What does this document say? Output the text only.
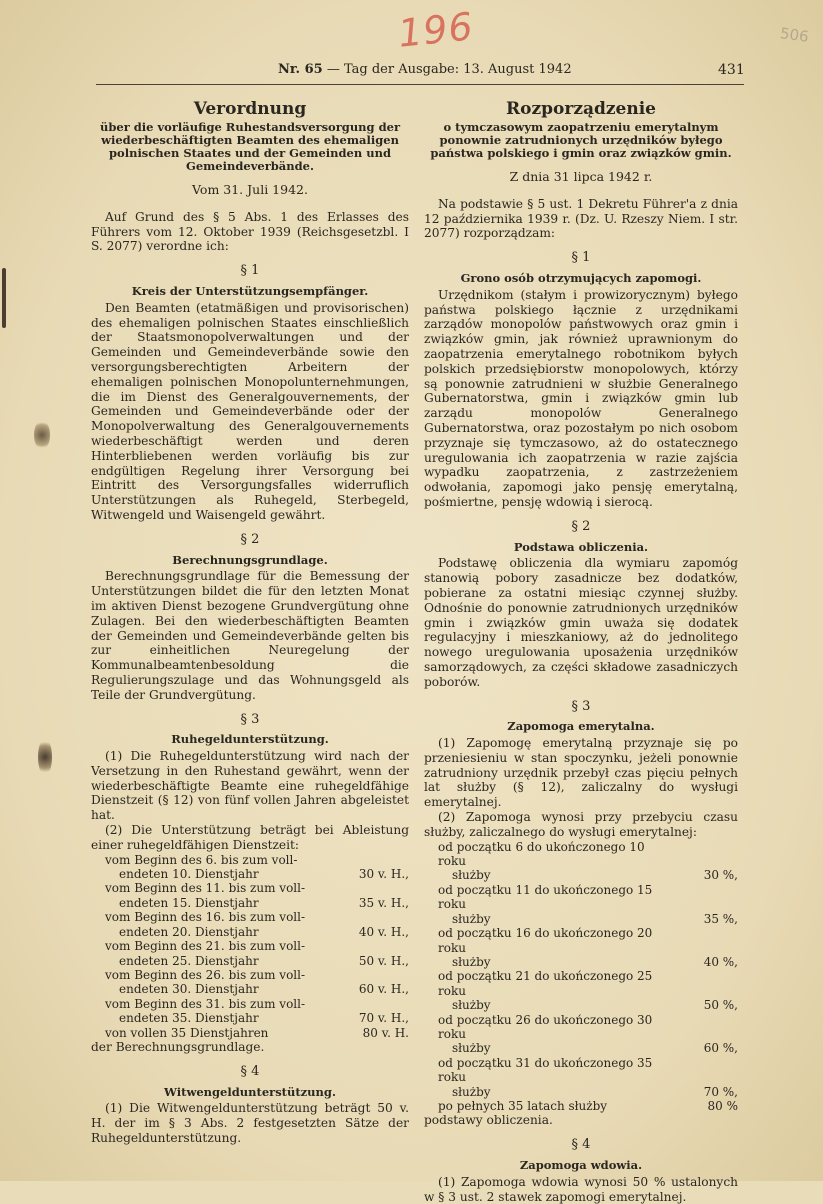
196	506
Nr. 65 — Tag der Ausgabe: 13. August 1942	431
Verordnung
über die vorläufige Ruhestandsversorgung der wiederbeschäftigten Beamten des ehemaligen polnischen Staates und der Gemeinden und Gemeindeverbände.
Vom 31. Juli 1942.
Auf Grund des § 5 Abs. 1 des Erlasses des Führers vom 12. Oktober 1939 (Reichsgesetzbl. I S. 2077) verordne ich:
§ 1
Kreis der Unterstützungsempfänger.
Den Beamten (etatmäßigen und provisorischen) des ehemaligen polnischen Staates einschließlich der Staatsmonopolverwaltungen und der Gemeinden und Gemeindeverbände sowie den versorgungsberechtigten Arbeitern der ehemaligen polnischen Monopolunternehmungen, die im Dienst des Generalgouvernements, der Gemeinden und Gemeindeverbände oder der Monopolverwaltung des Generalgouvernements wiederbeschäftigt werden und deren Hinterbliebenen werden vorläufig bis zur endgültigen Regelung ihrer Versorgung bei Eintritt des Versorgungsfalles widerruflich Unterstützungen als Ruhegeld, Sterbegeld, Witwengeld und Waisengeld gewährt.
§ 2
Berechnungsgrundlage.
Berechnungsgrundlage für die Bemessung der Unterstützungen bildet die für den letzten Monat im aktiven Dienst bezogene Grundvergütung ohne Zulagen. Bei den wiederbeschäftigten Beamten der Gemeinden und Gemeindeverbände gelten bis zur einheitlichen Neuregelung der Kommunalbeamtenbesoldung die Regulierungszulage und das Wohnungsgeld als Teile der Grundvergütung.
§ 3
Ruhegeldunterstützung.
(1) Die Ruhegeldunterstützung wird nach der Versetzung in den Ruhestand gewährt, wenn der wiederbeschäftigte Beamte eine ruhegeldfähige Dienstzeit (§ 12) von fünf vollen Jahren abgeleistet hat.
(2) Die Unterstützung beträgt bei Ableistung einer ruhegeldfähigen Dienstzeit:
vom Beginn des 6. bis zum voll-
endeten 10. Dienstjahr	30 v. H.,
vom Beginn des 11. bis zum voll-
endeten 15. Dienstjahr	35 v. H.,
vom Beginn des 16. bis zum voll-
endeten 20. Dienstjahr	40 v. H.,
vom Beginn des 21. bis zum voll-
endeten 25. Dienstjahr	50 v. H.,
vom Beginn des 26. bis zum voll-
endeten 30. Dienstjahr	60 v. H.,
vom Beginn des 31. bis zum voll-
endeten 35. Dienstjahr	70 v. H.,
von vollen 35 Dienstjahren	80 v. H.
der Berechnungsgrundlage.
§ 4
Witwengeldunterstützung.
(1) Die Witwengeldunterstützung beträgt 50 v. H. der im § 3 Abs. 2 festgesetzten Sätze der Ruhegeldunterstützung.
Rozporządzenie
o tymczasowym zaopatrzeniu emerytalnym ponownie zatrudnionych urzędników byłego państwa polskiego i gmin oraz związków gmin.
Z dnia 31 lipca 1942 r.
Na podstawie § 5 ust. 1 Dekretu Führer'a z dnia 12 października 1939 r. (Dz. U. Rzeszy Niem. I str. 2077) rozporządzam:
§ 1
Grono osób otrzymujących zapomogi.
Urzędnikom (stałym i prowizorycznym) byłego państwa polskiego łącznie z urzędnikami zarządów monopolów państwowych oraz gmin i związków gmin, jak również uprawnionym do zaopatrzenia emerytalnego robotnikom byłych polskich przedsiębiorstw monopolowych, którzy są ponownie zatrudnieni w służbie Generalnego Gubernatorstwa, gmin i związków gmin lub zarządu monopolów Generalnego Gubernatorstwa, oraz pozostałym po nich osobom przyznaje się tymczasowo, aż do ostatecznego uregulowania ich zaopatrzenia w razie zajścia wypadku zaopatrzenia, z zastrzeżeniem odwołania, zapomogi jako pensję emerytalną, pośmiertne, pensję wdowią i sierocą.
§ 2
Podstawa obliczenia.
Podstawę obliczenia dla wymiaru zapomóg stanowią pobory zasadnicze bez dodatków, pobierane za ostatni miesiąc czynnej służby. Odnośnie do ponownie zatrudnionych urzędników gmin i związków gmin uważa się dodatek regulacyjny i mieszkaniowy, aż do jednolitego nowego uregulowania uposażenia urzędników samorządowych, za części składowe zasadniczych poborów.
§ 3
Zapomoga emerytalna.
(1) Zapomogę emerytalną przyznaje się po przeniesieniu w stan spoczynku, jeżeli ponownie zatrudniony urzędnik przebył czas pięciu pełnych lat służby (§ 12), zaliczalny do wysługi emerytalnej.
(2) Zapomoga wynosi przy przebyciu czasu służby, zaliczalnego do wysługi emerytalnej:
od początku 6 do ukończonego 10 roku
służby	30 %,
od początku 11 do ukończonego 15 roku
służby	35 %,
od początku 16 do ukończonego 20 roku
służby	40 %,
od początku 21 do ukończonego 25 roku
służby	50 %,
od początku 26 do ukończonego 30 roku
służby	60 %,
od początku 31 do ukończonego 35 roku
służby	70 %,
po pełnych 35 latach służby	80 %
podstawy obliczenia.
§ 4
Zapomoga wdowia.
(1) Zapomoga wdowia wynosi 50 % ustalonych w § 3 ust. 2 stawek zapomogi emerytalnej.
